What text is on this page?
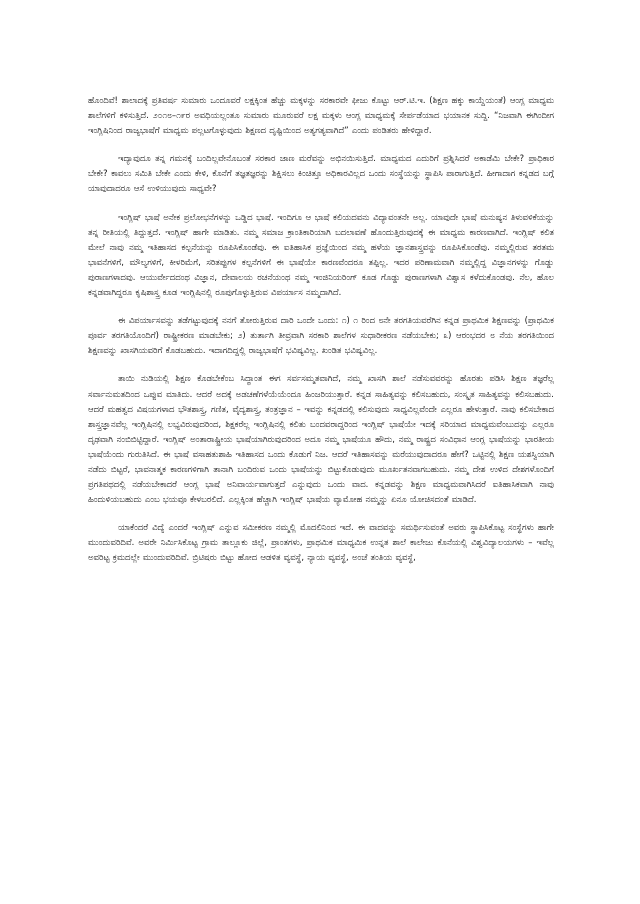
ಹೊಂದಿವೆ! ಶಾಲಾದಕ್ಕೆ ಪ್ರತಿವರ್ಷ ಸುಮಾರು ಒಂದೂವರೆ ಲಕ್ಷಕ್ಕಿಂತ ಹೆಚ್ಚು ಮಕ್ಕಳನ್ನು ಸರಕಾರವೇ ಫೀಜು ಕೊಟ್ಟು ಆರ್.ಟಿ.ಇ. (ಶಿಕ್ಷಣ ಹಕ್ಕು ಕಾಯ್ದೆಯಂತೆ) ಆಂಗ್ಲ ಮಾಧ್ಯಮ ಶಾಲೆಗಳಿಗೆ ಕಳಿಸುತ್ತಿದೆ. ೨೦೧೮–೧೯ರ ಅವಧಿಯಲ್ಲಂತೂ ಸುಮಾರು ಮೂರುವರೆ ಲಕ್ಷ ಮಕ್ಕಳು ಆಂಗ್ಲ ಮಾಧ್ಯಮಕ್ಕೆ ಸೇರ್ಪಡೆಯಾದ ಭಯಾನಕ ಸುದ್ದಿ. “ನಿಜವಾಗಿ ಈಗಿಂದೀಗ ಇಂಗ್ಲಿಷಿನಿಂದ ರಾಜ್ಯಭಾಷೆಗೆ ಮಾಧ್ಯಮ ಪಲ್ಲಟಗೊಳ್ಳುವುದು ಶಿಕ್ಷಣದ ದೃಷ್ಟಿಯಿಂದ ಅತ್ಯಗತ್ಯವಾಗಿದೆ” ಎಂದು ಪಂಡಿತರು ಹೇಳಿದ್ದಾರೆ.

ಇದ್ಯಾವುದೂ ತನ್ನ ಗಮನಕ್ಕೆ ಬಂದಿಲ್ಲವೇನೊಬಂತೆ ಸರಕಾರ ಜಾಣ ಮರೆವನ್ನು ಅಭಿನಯಿಸುತ್ತಿದೆ. ಮಾಧ್ಯಮದ ಎದುರಿಗೆ ಪ್ರಶ್ನಿಸಿದರೆ ಅಕಾಡೆಮಿ ಬೇಕೇ? ಪ್ರಾಧಿಕಾರ ಬೇಕೇ? ಕಾವಲು ಸಮಿತಿ ಬೇಕೇ ಎಂದು ಕೇಳಿ, ಕೊನೆಗೆ ತಜ್ಞತಜ್ಞರನ್ನು ಶಿಕ್ಷಿಸಲು ಕಿಂಚಿತ್ತೂ ಅಧಿಕಾರವಿಲ್ಲದ ಒಂದು ಸಂಸ್ಥೆಯನ್ನು ಸ್ಥಾಪಿಸಿ ಪಾರಾಗುತ್ತಿದೆ. ಹೀಗಾದಾಗ ಕನ್ನಡದ ಬಗ್ಗೆ ಯಾವುದಾದರೂ ಆಸೆ ಉಳಿಯುವುದು ಸಾಧ್ಯವೇ?

ಇಂಗ್ಲಿಷ್ ಭಾಷೆ ಅನೇಕ ಪ್ರಲೋಭನೆಗಳನ್ನು ಒಡ್ಡಿದ ಭಾಷೆ. ಇಂದಿಗೂ ಆ ಭಾಷೆ ಕಲಿಯದವನು ವಿದ್ಯಾವಂತನೇ ಅಲ್ಲ. ಯಾವುದೇ ಭಾಷೆ ಮನುಷ್ಯನ ತಿಳುವಳಿಕೆಯನ್ನು ತನ್ನ ರೀತಿಯಲ್ಲಿ ತಿದ್ದುತ್ತದೆ. ಇಂಗ್ಲಿಷ್ ಹಾಗೇ ಮಾಡಿತು. ನಮ್ಮ ಸಮಾಜ ಕ್ರಾಂತಿಕಾರಿಯಾಗಿ ಬದಲಾವಣೆ ಹೊಂದುತ್ತಿರುವುದಕ್ಕೆ ಈ ಮಾಧ್ಯಮ ಕಾರಣವಾಗಿದೆ. ಇಂಗ್ಲಿಷ್ ಕಲಿತ ಮೇಲೆ ನಾವು ನಮ್ಮ ಇತಿಹಾಸದ ಕಲ್ಪನೆಯನ್ನು ರೂಪಿಸಿಕೊಂಡೆವು. ಈ ಐತಿಹಾಸಿಕ ಪ್ರಜ್ಞೆಯಿಂದ ನಮ್ಮ ಹಳೆಯ ಜ್ಞಾನಶಾಸ್ತ್ರವನ್ನು ರೂಪಿಸಿಕೊಂಡೆವು. ನಮ್ಮಲ್ಲಿರುವ ತರತಮ ಭಾವನೆಗಳಿಗೆ, ಮೌಲ್ಯಗಳಿಗೆ, ಕೀಳರಿಮೆಗೆ, ಸರಿತಪ್ಪುಗಳ ಕಲ್ಪನೆಗಳಿಗೆ ಈ ಭಾಷೆಯೇ ಕಾರಣವೆಂದರೂ ತಪ್ಪಿಲ್ಲ. ಇದರ ಪರಿಣಾಮವಾಗಿ ನಮ್ಮಲ್ಲಿದ್ದ ವಿಜ್ಞಾನಗಳನ್ನು ಗೊಡ್ಡು ಪುರಾಣಗಳಾದವು. ಆಯುರ್ವೇದದಂಥ ವಿಜ್ಞಾನ, ದೇವಾಲಯ ರಚನೆಯಂಥ ನಮ್ಮ ಇಂಜಿನಿಯರಿಂಗ್ ಕೂಡ ಗೊಡ್ಡು ಪುರಾಣಗಳಾಗಿ ವಿಶ್ವಾಸ ಕಳೆದುಕೊಂಡವು. ನೆಲ, ಹೊಲ ಕನ್ನಡವಾಗಿದ್ದರೂ ಕೃಷಿಶಾಸ್ತ್ರ ಕೂಡ ಇಂಗ್ಲಿಷಿನಲ್ಲಿ ರೂಪುಗೊಳ್ಳುತ್ತಿರುವ ವಿಪರ್ಯಾಸ ನಮ್ಮದಾಗಿದೆ.

ಈ ವಿಪರ್ಯಾಸವನ್ನು ತಡೆಗಟ್ಟುವುದಕ್ಕೆ ನನಗೆ ತೋರುತ್ತಿರುವ ದಾರಿ ಒಂದೇ ಒಂದು: ೧) ೧ ರಿಂದ ೮ನೇ ತರಗತಿಯವರೆಗಿನ ಕನ್ನಡ ಪ್ರಾಥಮಿಕ ಶಿಕ್ಷಣವನ್ನು (ಪ್ರಾಥಮಿಕ ಪೂರ್ವ ತರಗತಿಯೊಂದಿಗೆ) ರಾಷ್ಟ್ರೀಕರಣ ಮಾಡಬೇಕು; ೨) ತುರ್ತಾಗಿ ತೀವ್ರವಾಗಿ ಸರಕಾರಿ ಶಾಲೆಗಳ ಸುಧಾರೀಕರಣ ನಡೆಯಬೇಕು; ೩) ಆರಂಭದರ ೮ ನೆಯ ತರಗತಿಯಿಂದ ಶಿಕ್ಷಣವನ್ನು ಖಾಸಗಿಯವರಿಗೆ ಕೊಡಬಹುದು. ಇದಾಗದಿದ್ದಲ್ಲಿ ರಾಜ್ಯಭಾಷೆಗೆ ಭವಿಷ್ಯವಿಲ್ಲ. ಖಂಡಿತ ಭವಿಷ್ಯವಿಲ್ಲ.

ತಾಯಿ ನುಡಿಯಲ್ಲಿ ಶಿಕ್ಷಣ ಕೊಡಬೇಕೆಂಬ ಸಿದ್ಧಾಂತ ಈಗ ಸರ್ವಸಮ್ಮತವಾಗಿದೆ, ನಮ್ಮ ಖಾಸಗಿ ಶಾಲೆ ನಡೆಸುವವರನ್ನು ಹೊರತು ಪಡಿಸಿ ಶಿಕ್ಷಣ ತಜ್ಞರೆಲ್ಲ ಸರ್ವಾನುಮತದಿಂದ ಒಪ್ಪುವ ಮಾತಿದು. ಆದರೆ ಅದಕ್ಕೆ ಅಡಚಣೆಗಳೆಯೆಯೆಂದೂ ಹಿಂಜರಿಯುತ್ತಾರೆ. ಕನ್ನಡ ಸಾಹಿತ್ಯವನ್ನು ಕಲಿಸಬಹುದು, ಸಂಸ್ಕೃತ ಸಾಹಿತ್ಯವನ್ನು ಕಲಿಸಬಹುದು. ಆದರೆ ಮಹತ್ವದ ವಿಷಯಗಳಾದ ಭೌತಶಾಸ್ತ್ರ, ಗಣಿತ, ವೈದ್ಯಶಾಸ್ತ್ರ, ತಂತ್ರಜ್ಞಾನ – ಇವನ್ನು ಕನ್ನಡದಲ್ಲಿ ಕಲಿಸುವುದು ಸಾಧ್ಯವಿಲ್ಲವೆಂದೇ ಎಲ್ಲರೂ ಹೇಳುತ್ತಾರೆ. ನಾವು ಕಲಿಸಬೇಕಾದ ಶಾಸ್ತ್ರಜ್ಞಾನವೆಲ್ಲ ಇಂಗ್ಲಿಷಿನಲ್ಲಿ ಲಭ್ಯವಿರುವುದರಿಂದ, ಶಿಕ್ಷಕರೆಲ್ಲ ಇಂಗ್ಲಿಷಿನಲ್ಲಿ ಕಲಿತು ಬಂದವರಾದ್ದರಿಂದ ಇಂಗ್ಲಿಷ್ ಭಾಷೆಯೇ ಇದಕ್ಕೆ ಸರಿಯಾದ ಮಾಧ್ಯಮವೆಂಬುದನ್ನು ಎಲ್ಲರೂ ದೃಢವಾಗಿ ನಂಬಿಬಿಟ್ಟಿದ್ದಾರೆ. ಇಂಗ್ಲಿಷ್ ಅಂತಾರಾಷ್ಟ್ರೀಯ ಭಾಷೆಯಾಗಿರುವುದರಿಂದ ಅದೂ ನಮ್ಮ ಭಾಷೆಯೂ ಹೌದು, ನಮ್ಮ ರಾಷ್ಟ್ರದ ಸಂವಿಧಾನ ಆಂಗ್ಲ ಭಾಷೆಯನ್ನು ಭಾರತೀಯ ಭಾಷೆಯೆಂದು ಗುರುತಿಸಿದೆ. ಈ ಭಾಷೆ ವಸಾಹತುಶಾಹಿ ಇತಿಹಾಸದ ಒಂದು ಕೊಡುಗೆ ನಿಜ. ಆದರೆ ಇತಿಹಾಸವನ್ನು ಮರೆಯುವುದಾದರೂ ಹೇಗೆ? ಒಟ್ಟಿನಲ್ಲಿ ಶಿಕ್ಷಣ ಯಶಸ್ವಿಯಾಗಿ ನಡೆದು ಬಿಟ್ಟರೆ, ಭಾವನಾತ್ಮಕ ಕಾರಣಗಳಿಗಾಗಿ ತಾನಾಗಿ ಬಂದಿರುವ ಒಂದು ಭಾಷೆಯನ್ನು ಬಿಟ್ಟುಕೊಡುವುದು ಮೂರ್ಖತನವಾಗಬಹುದು. ನಮ್ಮ ದೇಶ ಉಳಿದ ದೇಶಗಳೊಂದಿಗೆ ಪ್ರಗತಿಪಥದಲ್ಲಿ ನಡೆಯಬೇಕಾದರೆ ಆಂಗ್ಲ ಭಾಷೆ ಅನಿವಾರ್ಯವಾಗುತ್ತದೆ ಎನ್ನುವುದು ಒಂದು ವಾದ. ಕನ್ನಡವನ್ನು ಶಿಕ್ಷಣ ಮಾಧ್ಯಮವಾಗಿಸಿದರೆ ಐತಿಹಾಸಿಕವಾಗಿ ನಾವು ಹಿಂದುಳಿಯಬಹುದು ಎಂಬ ಭಯವೂ ಕೇಳಬರಲಿದೆ. ಎಲ್ಲಕ್ಕಿಂತ ಹೆಚ್ಚಾಗಿ ಇಂಗ್ಲಿಷ್ ಭಾಷೆಯ ವ್ಯಾಮೋಹ ನಮ್ಮನ್ನು ಏನೂ ಯೋಚಿಸದಂತೆ ಮಾಡಿದೆ.

ಯಾಕೆಂದರೆ ವಿದ್ಯೆ ಎಂದರೆ ಇಂಗ್ಲಿಷ್ ಎನ್ನುವ ಸಮೀಕರಣ ನಮ್ಮಲ್ಲಿ ಮೊದಲಿನಿಂದ ಇದೆ. ಈ ವಾದವನ್ನು ಸಮರ್ಥಿಸುವಂತೆ ಅವರು ಸ್ಥಾಪಿಸಿಕೊಟ್ಟ ಸಂಸ್ಥೆಗಳು ಹಾಗೇ ಮುಂದುವರಿದಿವೆ. ಅವರೇ ನಿರ್ಮಿಸಿಕೊಟ್ಟ ಗ್ರಾಮ ತಾಲ್ಲೂಕು ಜಿಲ್ಲೆ, ಪ್ರಾಂತಗಳು, ಪ್ರಾಥಮಿಕ ಮಾಧ್ಯಮಿಕ ಉನ್ನತ ಶಾಲೆ ಕಾಲೇಜು ಕೊನೆಯಲ್ಲಿ ವಿಶ್ವವಿದ್ಯಾಲಯಗಳು – ಇವೆಲ್ಲ ಅವರಿಟ್ಟ ಕ್ರಮದಲ್ಲೇ ಮುಂದುವರಿದಿವೆ. ಬ್ರಿಟಿಷರು ಬಿಟ್ಟು ಹೋದ ಆಡಳಿತ ವ್ಯವಸ್ಥೆ, ನ್ಯಾಯ ವ್ಯವಸ್ಥೆ, ಅಂಚೆ ತಂತಿಯ ವ್ಯವಸ್ಥೆ,
